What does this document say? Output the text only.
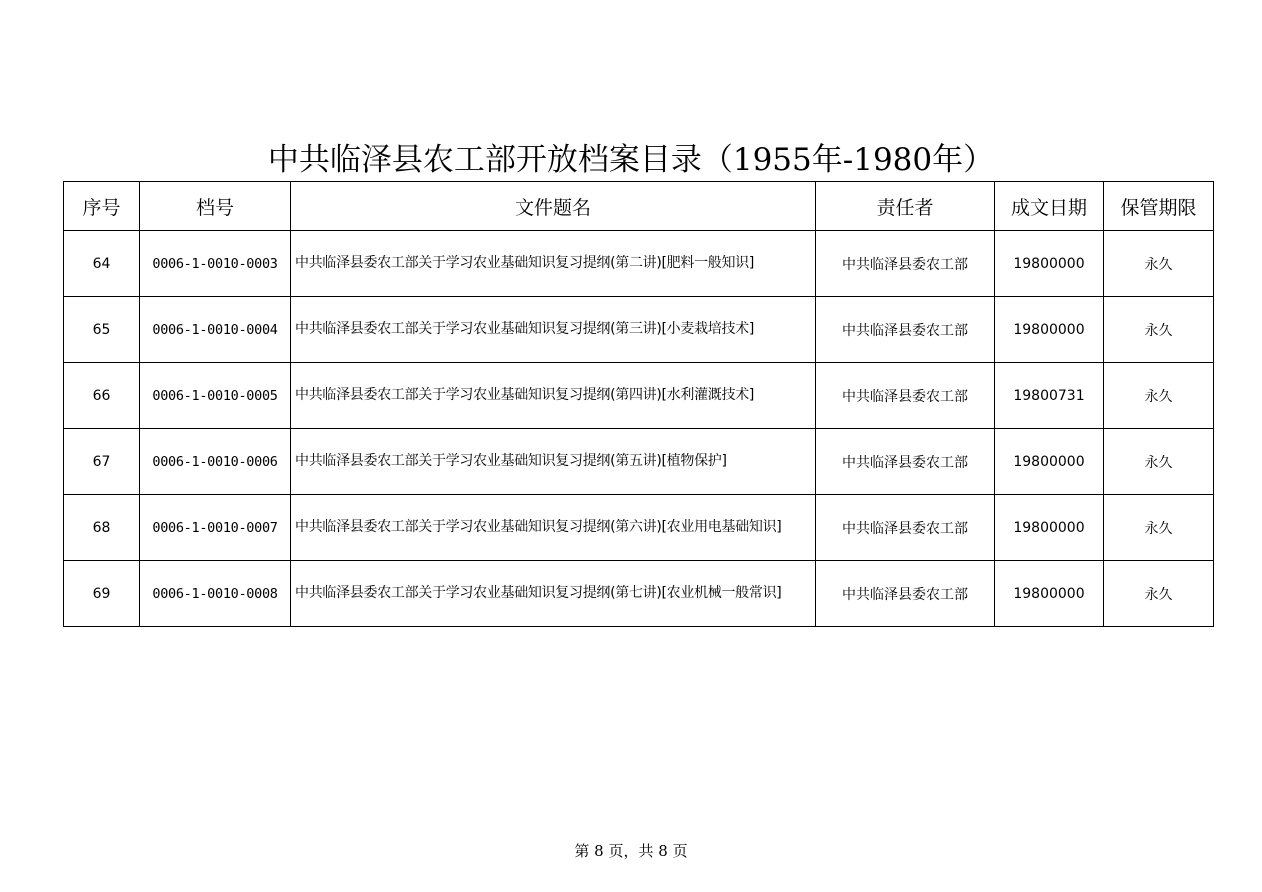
中共临泽县农工部开放档案目录（1955年-1980年）
序号	档号	文件题名	责任者	成文日期	保管期限
64	0006-1-0010-0003	中共临泽县委农工部关于学习农业基础知识复习提纲(第二讲)[肥料一般知识]	中共临泽县委农工部	19800000	永久
65	0006-1-0010-0004	中共临泽县委农工部关于学习农业基础知识复习提纲(第三讲)[小麦栽培技术]	中共临泽县委农工部	19800000	永久
66	0006-1-0010-0005	中共临泽县委农工部关于学习农业基础知识复习提纲(第四讲)[水利灌溉技术]	中共临泽县委农工部	19800731	永久
67	0006-1-0010-0006	中共临泽县委农工部关于学习农业基础知识复习提纲(第五讲)[植物保护]	中共临泽县委农工部	19800000	永久
68	0006-1-0010-0007	中共临泽县委农工部关于学习农业基础知识复习提纲(第六讲)[农业用电基础知识]	中共临泽县委农工部	19800000	永久
69	0006-1-0010-0008	中共临泽县委农工部关于学习农业基础知识复习提纲(第七讲)[农业机械一般常识]	中共临泽县委农工部	19800000	永久
第 8 页，共 8 页
